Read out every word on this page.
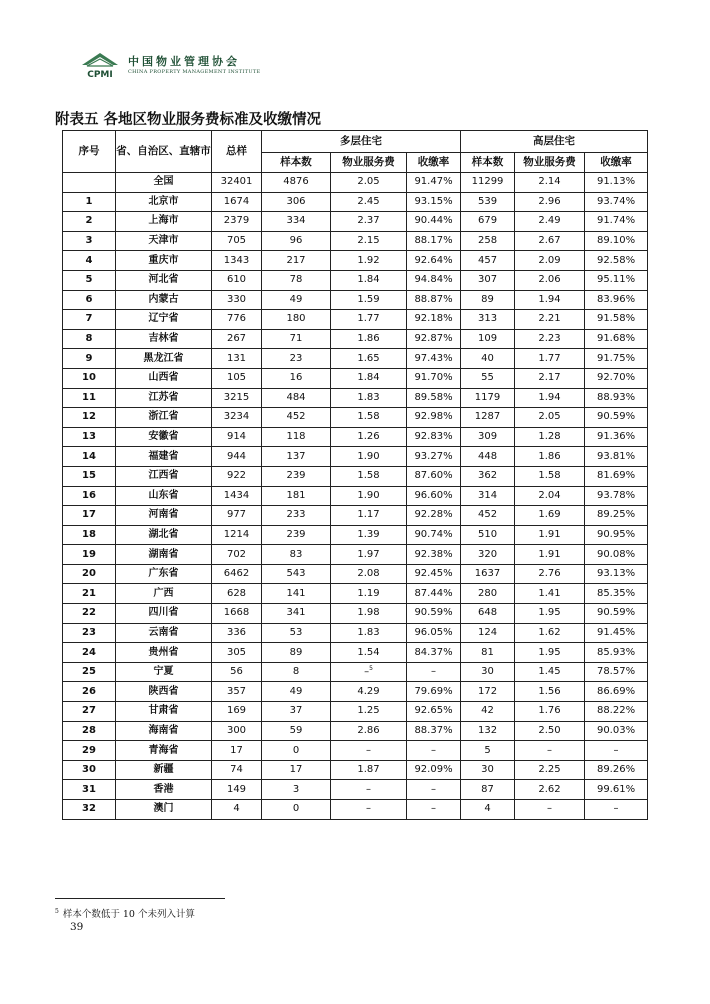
CPMI
中国物业管理协会
CHINA PROPERTY MANAGEMENT INSTITUTE
附表五 各地区物业服务费标准及收缴情况
序号	省、自治区、直辖市	总样	多层住宅			高层住宅		
			样本数	物业服务费	收缴率	样本数	物业服务费	收缴率
	全国	32401	4876	2.05	91.47%	11299	2.14	91.13%
1	北京市	1674	306	2.45	93.15%	539	2.96	93.74%
2	上海市	2379	334	2.37	90.44%	679	2.49	91.74%
3	天津市	705	96	2.15	88.17%	258	2.67	89.10%
4	重庆市	1343	217	1.92	92.64%	457	2.09	92.58%
5	河北省	610	78	1.84	94.84%	307	2.06	95.11%
6	内蒙古	330	49	1.59	88.87%	89	1.94	83.96%
7	辽宁省	776	180	1.77	92.18%	313	2.21	91.58%
8	吉林省	267	71	1.86	92.87%	109	2.23	91.68%
9	黑龙江省	131	23	1.65	97.43%	40	1.77	91.75%
10	山西省	105	16	1.84	91.70%	55	2.17	92.70%
11	江苏省	3215	484	1.83	89.58%	1179	1.94	88.93%
12	浙江省	3234	452	1.58	92.98%	1287	2.05	90.59%
13	安徽省	914	118	1.26	92.83%	309	1.28	91.36%
14	福建省	944	137	1.90	93.27%	448	1.86	93.81%
15	江西省	922	239	1.58	87.60%	362	1.58	81.69%
16	山东省	1434	181	1.90	96.60%	314	2.04	93.78%
17	河南省	977	233	1.17	92.28%	452	1.69	89.25%
18	湖北省	1214	239	1.39	90.74%	510	1.91	90.95%
19	湖南省	702	83	1.97	92.38%	320	1.91	90.08%
20	广东省	6462	543	2.08	92.45%	1637	2.76	93.13%
21	广西	628	141	1.19	87.44%	280	1.41	85.35%
22	四川省	1668	341	1.98	90.59%	648	1.95	90.59%
23	云南省	336	53	1.83	96.05%	124	1.62	91.45%
24	贵州省	305	89	1.54	84.37%	81	1.95	85.93%
25	宁夏	56	8	–$^5$	–	30	1.45	78.57%
26	陕西省	357	49	4.29	79.69%	172	1.56	86.69%
27	甘肃省	169	37	1.25	92.65%	42	1.76	88.22%
28	海南省	300	59	2.86	88.37%	132	2.50	90.03%
29	青海省	17	0	–	–	5	–	–
30	新疆	74	17	1.87	92.09%	30	2.25	89.26%
31	香港	149	3	–	–	87	2.62	99.61%
32	澳门	4	0	–	–	4	–	–
$^5$ 样本个数低于 10 个未列入计算
39
